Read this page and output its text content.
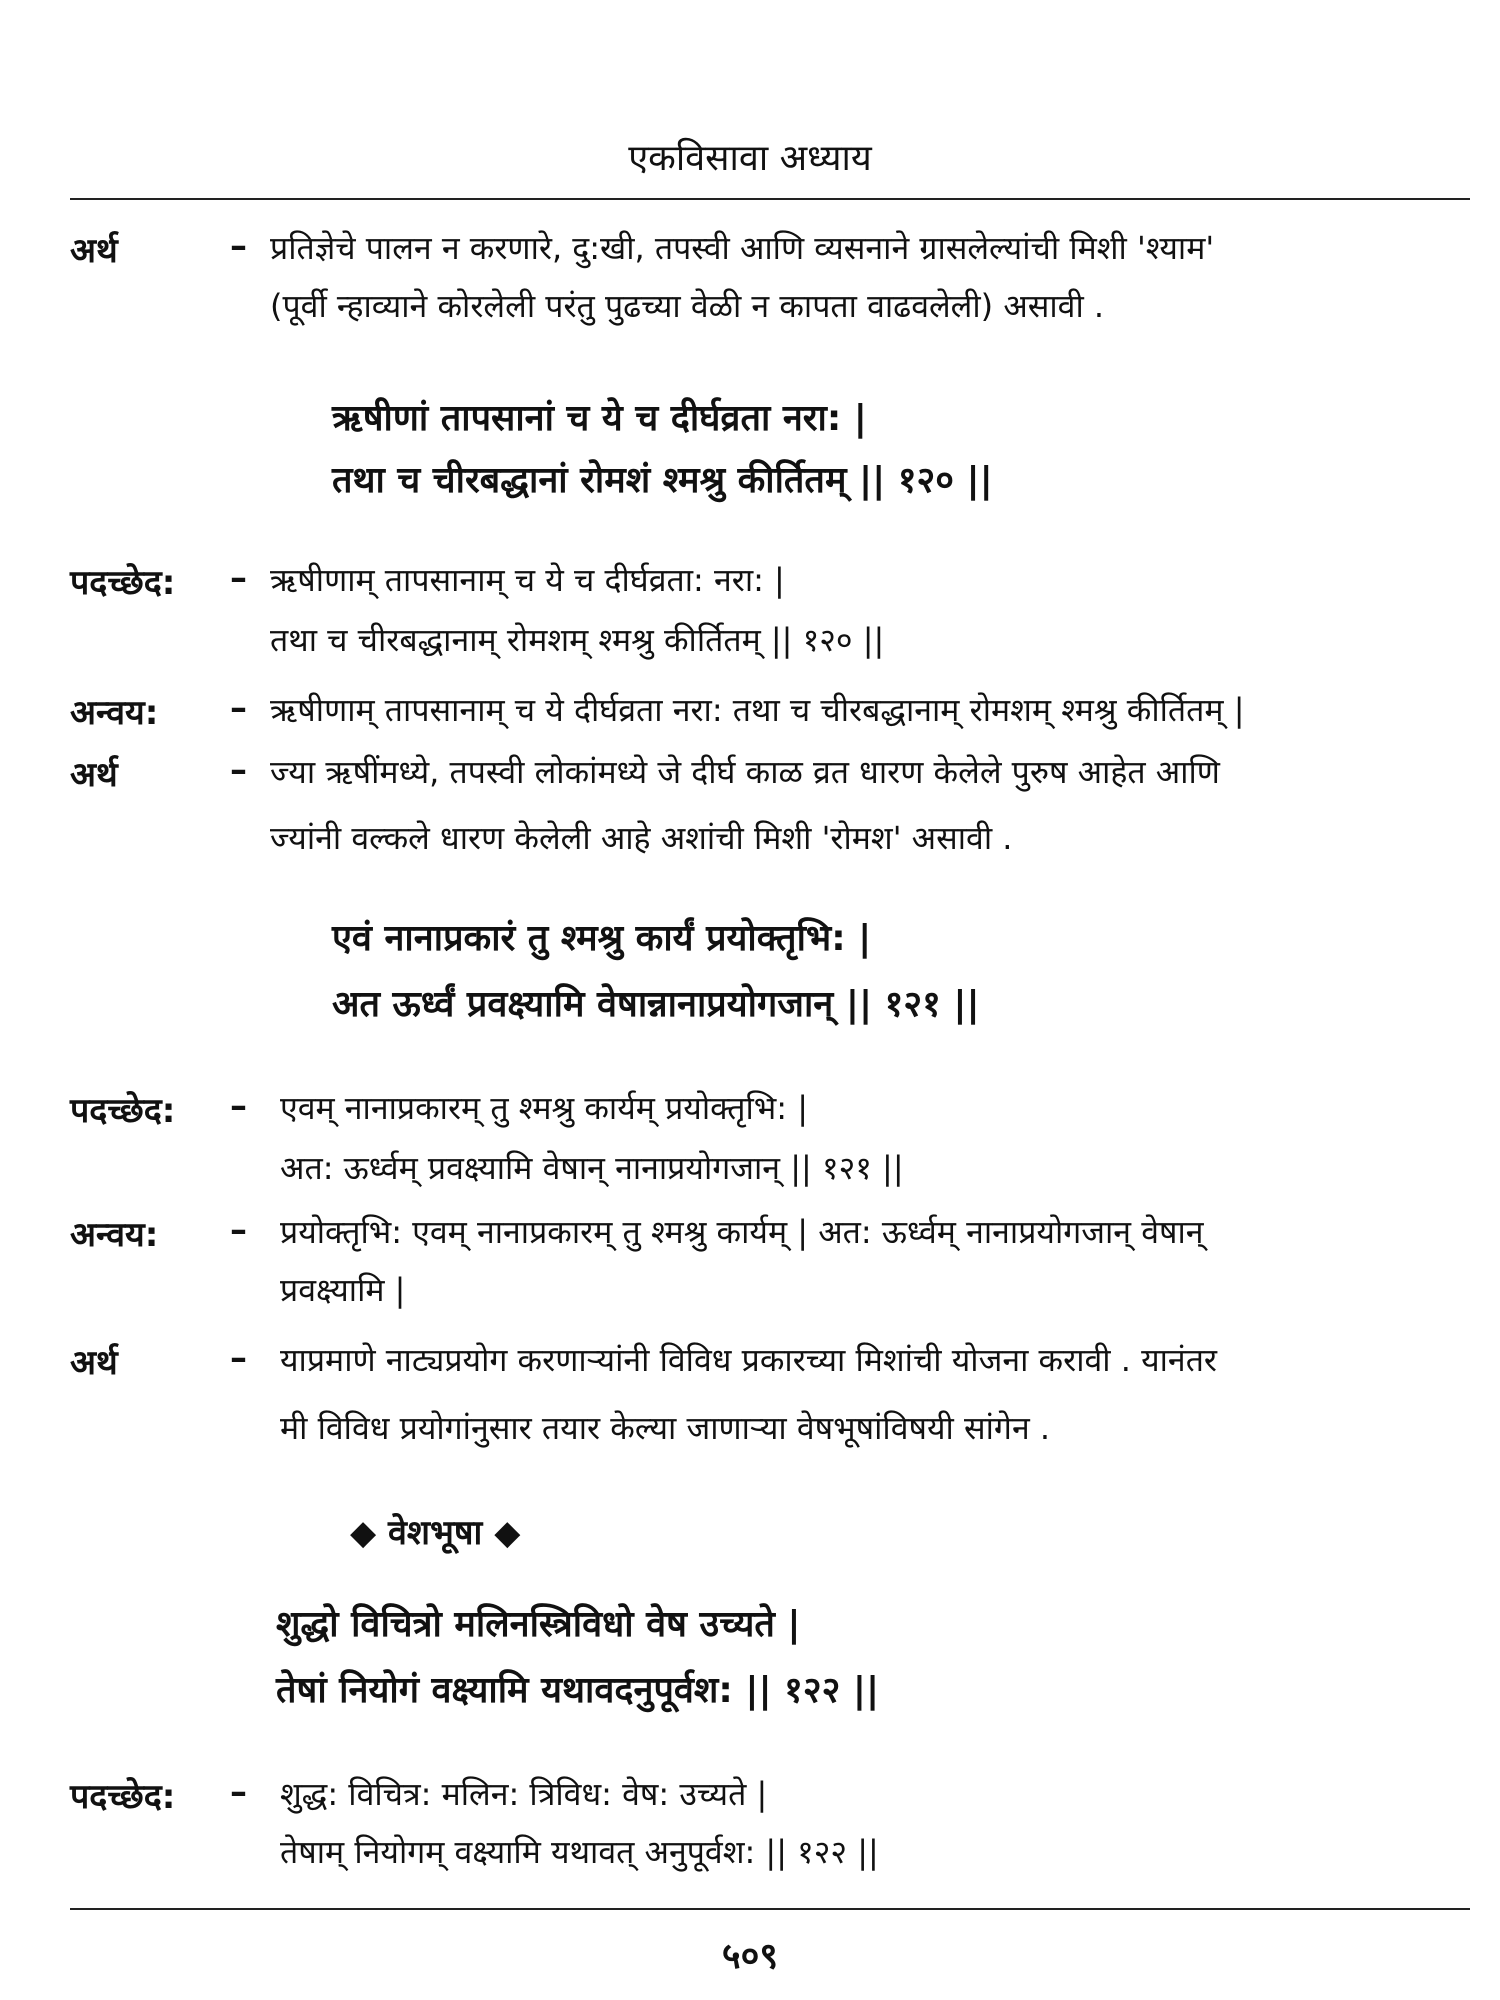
एकविसावा अध्याय
अर्थ	– प्रतिज्ञेचे पालन न करणारे, दु:खी, तपस्वी आणि व्यसनाने ग्रासलेल्यांची मिशी 'श्याम'
(पूर्वी न्हाव्याने कोरलेली परंतु पुढच्या वेळी न कापता वाढवलेली) असावी .
ऋषीणां तापसानां च ये च दीर्घव्रता नरा: |
तथा च चीरबद्धानां रोमशं श्मश्रु कीर्तितम् || १२० ||
पदच्छेद:	– ऋषीणाम् तापसानाम् च ये च दीर्घव्रता: नरा: |
तथा च चीरबद्धानाम् रोमशम् श्मश्रु कीर्तितम् || १२० ||
अन्वय:	– ऋषीणाम् तापसानाम् च ये दीर्घव्रता नरा: तथा च चीरबद्धानाम् रोमशम् श्मश्रु कीर्तितम् |
अर्थ	– ज्या ऋषींमध्ये, तपस्वी लोकांमध्ये जे दीर्घ काळ व्रत धारण केलेले पुरुष आहेत आणि
ज्यांनी वल्कले धारण केलेली आहे अशांची मिशी 'रोमश' असावी .
एवं नानाप्रकारं तु श्मश्रु कार्यं प्रयोक्तृभि: |
अत ऊर्ध्वं प्रवक्ष्यामि वेषान्नानाप्रयोगजान् || १२१ ||
पदच्छेद:	– एवम् नानाप्रकारम् तु श्मश्रु कार्यम् प्रयोक्तृभि: |
अत: ऊर्ध्वम् प्रवक्ष्यामि वेषान् नानाप्रयोगजान् || १२१ ||
अन्वय:	– प्रयोक्तृभि: एवम् नानाप्रकारम् तु श्मश्रु कार्यम् | अत: ऊर्ध्वम् नानाप्रयोगजान् वेषान्
प्रवक्ष्यामि |
अर्थ	– याप्रमाणे नाट्यप्रयोग करणाऱ्यांनी विविध प्रकारच्या मिशांची योजना करावी . यानंतर
मी विविध प्रयोगांनुसार तयार केल्या जाणाऱ्या वेषभूषांविषयी सांगेन .
◆ वेशभूषा ◆
शुद्धो विचित्रो मलिनस्त्रिविधो वेष उच्यते |
तेषां नियोगं वक्ष्यामि यथावदनुपूर्वश: || १२२ ||
पदच्छेद:	– शुद्ध: विचित्र: मलिन: त्रिविध: वेष: उच्यते |
तेषाम् नियोगम् वक्ष्यामि यथावत् अनुपूर्वश: || १२२ ||
५०९
